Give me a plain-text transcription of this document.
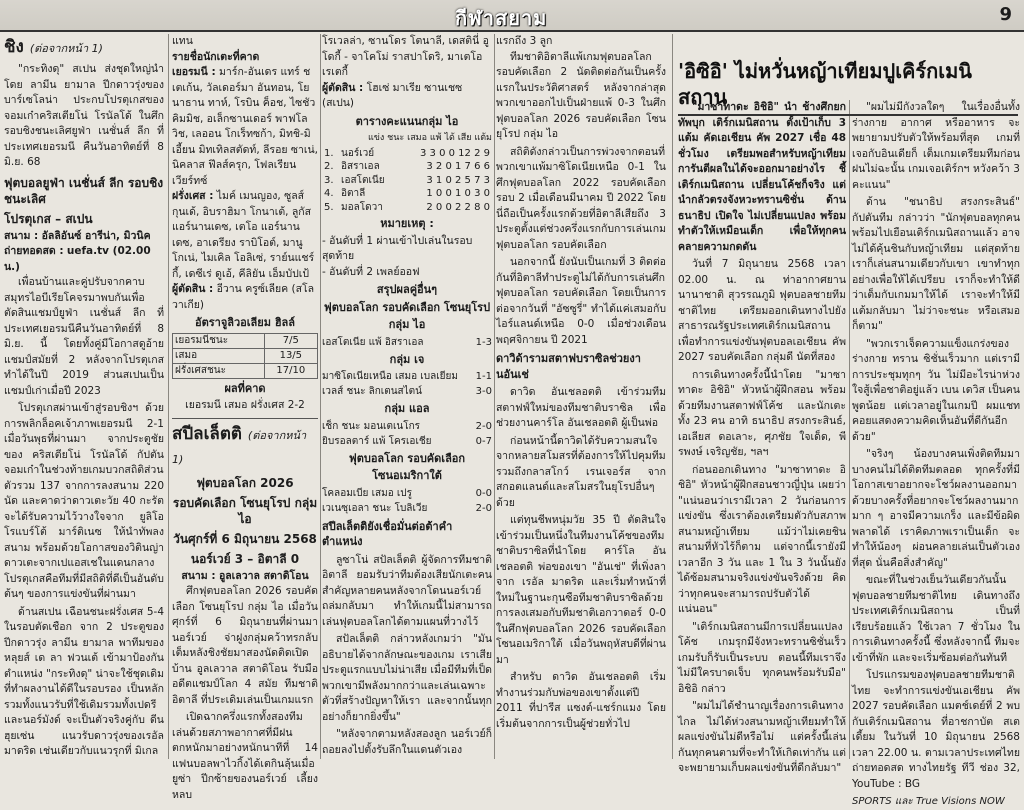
กีฬาสยาม	9
ชิง (ต่อจากหน้า 1)

"กระทิงดุ" สเปน ส่งชุดใหญ่นำโดย ลามีน ยามาล ปีกดาวรุ่งของบาร์เซโลน่า ประกบโปรตุเกสของจอมเก๋าคริสเตียโน่ โรนัลโด้ ในศึกรอบชิงชนะเลิศยูฟ่า เนชั่นส์ ลีก ที่ประเทศเยอรมนี คืนวันอาทิตย์ที่ 8 มิ.ย. 68

ฟุตบอลยูฟ่า เนชั่นส์ ลีก รอบชิงชนะเลิศ
โปรตุเกส – สเปน
สนาม : อัลลิอันซ์ อารีน่า, มิวนิค
ถ่ายทอดสด : uefa.tv (02.00 น.)

เพื่อนบ้านและคู่ปรับจากคาบสมุทรไอบีเรียโคจรมาพบกันเพื่อตัดสินแชมป์ยูฟ่า เนชั่นส์ ลีก ที่ประเทศเยอรมนีคืนวันอาทิตย์ที่ 8 มิ.ย. นี้ โดยทั้งคู่มีโอกาสดูอ้ายแชมป์สมัยที่ 2 หลังจากโปรตุเกสทำได้ในปี 2019 ส่วนสเปนเป็นแชมป์เก่าเมื่อปี 2023

โปรตุเกสผ่านเข้าสู่รอบชิงฯ ด้วยการพลิกล็อคเจ้าภาพเยอรมนี 2-1 เมื่อวันพุธที่ผ่านมา จากประตูชัยของ คริสเตียโน่ โรนัลโด้ กัปตันจอมเก๋าในช่วงท้ายเกมบวกสถิติส่วนตัวรวม 137 จากการลงสนาม 220 นัด และคาดว่าดาวเตะวัย 40 กะรัต จะได้รับความไว้วางใจจาก ยูลิโอ โรแบร์โต้ มาร์ติเนซ ให้นำทัพลงสนาม พร้อมด้วยโอกาสของวิตินญ่า ดาวเตะจากเปแอสเชในแดนกลาง โปรตุเกสคือทีมที่มีสถิติที่ดีเป็นอันดับต้นๆ ของการแข่งขันที่ผ่านมา

ด้านสเปน เฉือนชนะฝรั่งเศส 5-4 ในรอบตัดเชือก จาก 2 ประตูของ ปีกดาวรุ่ง ลามีน ยามาล พาทีมของหลุยส์ เด ลา ฟวนเต้ เข้ามาป้องกันตำแหน่ง "กระทิงดุ" น่าจะใช้ชุดเดิมที่ทำผลงานได้ดีในรอบรอง เป็นหลัก รวมทั้งแนวรับที่ใช้เดิมรวมทั้งเปดรี และนอร์มังด์ จะเป็นตัวจริงคู่กับ ดีน ฮุยเซ่น แนวรับดาวรุ่งของเรอัล มาดริด เช่นเดียวกับแนวรุกที่ มิเกล

แทน
รายชื่อนักเตะที่คาด
เยอรมนี : มาร์ก-อันเดร แทร์ ชเตเก้น, วัลเดอร์มา อันทอน, โยนาธาน ทาห์, โรบิน ค็อช, ไซชัว คิมมิช, อเล็กซานเดอร์ พาฟโลวิช, เลออน โกเร็ทซก้า, มิทชิ-มิเอี้ยน มิทเทิลสตัดท์, ลีรอย ซาเน่, นิคลาส ฟึลส์ครุก, โฟลเรียน เวียร์ทซ์
ฝรั่งเศส : ไมค์ เมนญอง, ซูลส์ กุนเด้, อิบราฮิมา โกนาเต้, ลูกัส แอร์นานเดซ, เตโอ แอร์นานเดซ, อาเดรียง ราบิโอต์, มานู โกเน่, ไมเคิล โอลิเซ่, ราย์นแชร์กี้, เดซีเร่ ดูเอ้, คีลิยัน เอ็มบัปเป้
ผู้ตัดสิน : อีวาน ครูซ์เลียค (สโลวาเกีย)
อัตราจูลิวอเลียม ฮิลล์
เยอรมนีชนะ	7/5
เสมอ	13/5
ฝรั่งเศสชนะ	17/10
ผลที่คาด
เยอรมนี เสมอ ฝรั่งเศส 2-2
สปีลเล็ตติ (ต่อจากหน้า 1)
ฟุตบอลโลก 2026
รอบคัดเลือก โซนยุโรป กลุ่ม ไอ
วันศุกร์ที่ 6 มิถุนายน 2568
นอร์เวย์ 3 – อิตาลี 0
สนาม : อูลเลวาล สตาดิโอน

ศึกฟุตบอลโลก 2026 รอบคัดเลือก โซนยุโรป กลุ่ม ไอ เมื่อวันศุกร์ที่ 6 มิถุนายนที่ผ่านมา นอร์เวย์ จ่าฝูงกลุ่มคว้าทรกลับเต็มหลังชิงชัยมาสองนัดติดเปิดบ้าน อูลเลวาล สตาดิโอน รับมืออดีตแชมป์โลก 4 สมัย ทีมชาติอิตาลี ที่ประเดิมเล่นเป็นเกมแรก

เปิดฉากครึ่งแรกทั้งสองทีมเล่นด้วยสภาพอากาศที่มีฝนตกหนักมาอย่างหนักนาทีที่ 14 แฟนบอลพาไวกิ้งได้เตกินลุ้นเมื่อ ยูซ่า ปีกซ้ายของนอร์เวย์ เลี้ยงหลบ

โรเวลล่า, ซานโดร โตนาลี, เดสตินี่ อูโดกี้ - จาโคโม่ ราสปาโดริ, มาเตโอ เรเตกี้
ผู้ตัดสิน : โฮเซ่ มาเรีย ซานเชซ (สเปน)
ตารางคะแนนกลุ่ม ไอ
แข่ง ชนะ เสมอ แพ้ ได้ เสีย แต้ม
1.	นอร์เวย์	3 3 0 0 12 2 9
2.	อิสราเอล	3 2 0 1 7 6 6
3.	เอสโตเนีย	3 1 0 2 5 7 3
4.	อิตาลี	1 0 0 1 0 3 0
5.	มอลโดวา	2 0 0 2 2 8 0
หมายเหตุ :
- อันดับที่ 1 ผ่านเข้าไปเล่นในรอบสุดท้าย
- อันดับที่ 2 เพลย์ออฟ
สรุปผลคู่อื่นๆ
ฟุตบอลโลก รอบคัดเลือก โซนยุโรป
กลุ่ม ไอ
เอสโตเนีย แพ้ อิสราเอล	1-3
กลุ่ม เจ
มาซิโดเนียเหนือ เสมอ เบลเยียม 1-1
เวลส์ ชนะ ลิกเตนสไตน์	3-0
กลุ่ม แอล
เช็ก ชนะ มอนเตเนโกร	2-0
ยิบรอลตาร์ แพ้ โครเอเชีย	0-7
ฟุตบอลโลก รอบคัดเลือก
โซนอเมริกาใต้
โคลอมเบีย เสมอ เปรู	0-0
เวเนซุเอลา ชนะ โบลิเวีย	2-0
สปีลเล็ตติยังเชื่อมั่นต่อต้าคำตำแหน่ง

ลูซาโน่ สปัลเล็ตติ ผู้จัดการทีมชาติอิตาลี ยอมรับว่าทีมต้องเสียนักเตะคนสำคัญหลายคนหลังจากโดนนอร์เวย์ถล่มกลับมา ทำให้เกมนี้ไม่สามารถเล่นฟุตบอลโลกได้ตามแผนที่วางไว้

สปัลเล็ตติ กล่าวหลังเกมว่า "มันอธิบายได้จากลักษณะของเกม เราเสียประตูแรกแบบไม่น่าเสีย เมื่อมีทีมที่เป็ด พวกเขามีพลังมากกว่าและเล่นเฉพาะตัวที่สร้างปัญหาให้เรา และจากนั้นทุกอย่างก็ยากยิ่งขึ้น"

"หลังจากตามหลังสองลูก นอร์เวย์ก็ถอยลงไปตั้งรับลึกในแดนตัวเอง

แรกถึง 3 ลูก

ทีมชาติอิตาลีแพ้เกมฟุตบอลโลก รอบคัดเลือก 2 นัดติดต่อกันเป็นครั้งแรกในประวัติศาสตร์ หลังจากล่าสุดพวกเขาออกไปเป็นฝ่ายแพ้ 0-3 ในศึกฟุตบอลโลก 2026 รอบคัดเลือก โซนยุโรป กลุ่ม ไอ

สถิติดังกล่าวเป็นการพ่วงจากตอนที่พวกเขาแพ้มาซิโดเนียเหนือ 0-1 ในศึกฟุตบอลโลก 2022 รอบคัดเลือก รอบ 2 เมื่อเดือนมีนาคม ปี 2022 โดยนี่ถือเป็นครั้งแรกด้วยที่อิตาลีเสียถึง 3 ประตูตั้งแต่ช่วงครึ่งแรกกับการเล่นเกมฟุตบอลโลก รอบคัดเลือก

นอกจากนี้ ยังนับเป็นเกมที่ 3 ติดต่อกันที่อิตาลีทำประตูไม่ได้กับการเล่นศึกฟุตบอลโลก รอบคัดเลือก โดยเป็นการต่อจากวันที่ "อัซซูรี่" ทำได้แค่เสมอกับไอร์แลนด์เหนือ 0-0 เมื่อช่วงเดือนพฤศจิกายน ปี 2021

ดาวิด้ารามสตาฟบราซิลช่วยงานอันเช่

ดาวิด อันเชลอตติ เข้าร่วมทีมสตาฟฟ์ใหม่ของทีมชาติบราซิล เพื่อช่วยงานคาร์โล อันเชลอตติ ผู้เป็นพ่อ

ก่อนหน้านี้ดาวิดได้รับความสนใจจากหลายสโมสรที่ต้องการให้ไปคุมทีมรวมถึงกลาสโกว์ เรนเจอร์ส จากสกอตแลนด์และสโมสรในยุโรปอื่นๆ ด้วย

แต่ทุนชีพหนุ่มวัย 35 ปี ตัดสินใจเข้าร่วมเป็นหนึ่งในทีมงานโค้ชของทีมชาติบราซิลที่นำโดย คาร์โล อันเชลอตติ พ่อของเขา "อันเช่" ที่เพิ่งลาจาก เรอัล มาดริด และเริ่มทำหน้าที่ใหม่ในฐานะกุนซือทีมชาติบราซิลด้วยการลงเสมอกับทีมชาติเอกวาดอร์ 0-0 ในศึกฟุตบอลโลก 2026 รอบคัดเลือก โซนอเมริกาใต้ เมื่อวันพฤหัสบดีที่ผ่านมา

สำหรับ ดาวิด อันเชลอตติ เริ่มทำงานร่วมกับพ่อของเขาตั้งแต่ปี 2011 ที่ปารีส แซงต์-แชร์กแมง โดยเริ่มต้นจากการเป็นผู้ช่วยทั่วไป

'อิซิอิ' ไม่หวั่นหญ้าเทียมปูเคิร์กเมนิสถาน

"มาซาทาดะ อิชิอิ" นำ ช้างศึกยกทัพบุก เติร์กเมนิสถาน ตั้งเป้าเก็บ 3 แต้ม คัดเอเชียน คัพ 2027 เชื่อ 48 ชั่วโมง เตรียมพอสำหรับหญ้าเทียม การันตีผลในได้จะออกมาอย่างไร ชี้ เติร์กเมนิสถาน เปลี่ยนโค้ชก็จริง แต่นำกลัวตรงจังหวะทรานซิชั่น ด้าน ธนาธิป เปิดใจ ไม่เปลี่ยนแปลง พร้อมทำตัวให้เหมือนเด็ก เพื่อให้ทุกคนคลายความกดดัน

วันที่ 7 มิถุนายน 2568 เวลา 02.00 น. ณ ท่าอากาศยานนานาชาติ สุวรรณภูมิ ฟุตบอลชายทีมชาติไทย เตรียมออกเดินทางไปยังสาธารณรัฐประเทศเติร์กเมนิสถาน เพื่อทำการแข่งขันฟุตบอลเอเชียน คัพ 2027 รอบคัดเลือก กลุ่มดี นัดที่สอง

การเดินทางครั้งนี้นำโดย "มาซาทาดะ อิชิอิ" หัวหน้าผู้ฝึกสอน พร้อมด้วยทีมงานสตาฟฟ์โค้ช และนักเตะทั้ง 23 คน อาทิ ธนาธิป สรงกระสินธ์, เอเลียส ดอเลาะ, ศุภชัย ใจเด็ด, พีรพงษ์ เจริญชัย, ฯลฯ

ก่อนออกเดินทาง "มาซาทาดะ อิชิอิ" หัวหน้าผู้ฝึกสอนชาวญี่ปุ่น เผยว่า "แน่นอนว่าเรามีเวลา 2 วันก่อนการแข่งขัน ซึ่งเราต้องเตรียมตัวกับสภาพสนามหญ้าเทียม แม้ว่าไม่เคยชินสนามที่หัวไร้ก็ตาม แต่จากนี้เรายังมีเวลาอีก 3 วัน และ 1 ใน 3 วันนั้นยังได้ซ้อมสนามจริงแข่งขันจริงด้วย คิดว่าทุกคนจะสามารถปรับตัวได้แน่นอน"

"เติร์กเมนิสถานมีการเปลี่ยนแปลงโค้ช เกมรุกมีจังหวะทรานซิชั่นเร็ว เกมรับก็รับเป็นระบบ ตอนนี้ทีมเราจึงไม่มีใครบาดเจ็บ ทุกคนพร้อมรับมือ" อิชิอิ กล่าว

"ผมไม่ได้ชำนาญเรื่องการเดินทางไกล ไม่ได้ห่วงสนามหญ้าเทียมทำให้ผลแข่งขันไม่ดีหรือไม่ แต่ครั้งนี้เล่นกันทุกคนตามที่จะทำให้เกิดเท่ากัน แต่จะพยายามเก็บผลแข่งขันที่ดีกลับมา"

"ผมไม่มีกังวลใดๆ ในเรื่องอื่นทั้งร่างกาย อากาศ หรืออาหาร จะพยายามปรับตัวให้พร้อมที่สุด เกมที่เจอกับอินเดียก็ เต็มเกมเตรียมทีมก่อนฝนไม่ฉะนั้น เกมเจอเติร์กฯ หวังคว้า 3 คะแนน"

ด้าน "ชนาธิป สรงกระสินธ์" กัปตันทีม กล่าวว่า "นักฟุตบอลทุกคนพร้อมไปเยือนเติร์กเมนิสถานแล้ว อาจไม่ได้คุ้นชินกับหญ้าเทียม แต่สุดท้ายเราก็เล่นสนามเดียวกับเขา เขาทำทุกอย่างเพื่อให้ได้เปรียบ เราก็จะทำให้ดีว่าเต็มกับเกมมาให้ได้ เราจะทำให้มีแต้มกลับมา ไม่ว่าจะชนะ หรือเสมอก็ตาม"

"พวกเราเจ็ดความแข็งแกร่งของร่างกาย ทราน ซิชั่นเร็วมาก แต่เรามีการประชุมทุกๆ วัน ไม่มีอะไรน่าห่วง ใจสู้เพื่อชาติอยู่แล้ว เบน เดวิส เป็นคนพูดน้อย แต่เวลาอยู่ในเกมปี ผมแชทคอยแสดงความคิดเห็นอันที่ดีกันอีกด้วย"

"จริงๆ น้องบางคนเพิ่งติดทีมมาบางคนไม่ได้ติดทีมตลอด ทุกครั้งที่มีโอกาสเขาอยากจะโชว์ผลงานออกมา ด้วยบางครั้งที่อยากจะโชว์ผลงานมากมาก ๆ อาจมีความเกร็ง และมีข้อผิดพลาดได้ เราคิดภาพเราเป็นเด็ก จะทำให้น้องๆ ผ่อนคลายเล่นเป็นตัวเองที่สุด นั่นคือสิ่งสำคัญ"

ขณะที่ในช่วงเย็นวันเดียวกันนั้นฟุตบอลชายทีมชาติไทย เดินทางถึงประเทศเติร์กเมนิสถาน เป็นที่เรียบร้อยแล้ว ใช้เวลา 7 ชั่วโมง ในการเดินทางครั้งนี้ ซึ่งหลังจากนี้ ทีมจะเข้าที่พัก และจะเริ่มซ้อมต่อกันทันที

โปรแกรมของฟุตบอลชายทีมชาติไทย จะทำการแข่งขันเอเชียน คัพ 2027 รอบคัดเลือก แมตช์เดย์ที่ 2 พบกับเติร์กเมนิสถาน ที่อาชกาบัต สเตเดี้ยม ในวันที่ 10 มิถุนายน 2568 เวลา 22.00 น. ตามเวลาประเทศไทย ถ่ายทอดสด ทางไทยรัฐ ทีวี ช่อง 32, YouTube : BG

SPORTS และ True Visions NOW
